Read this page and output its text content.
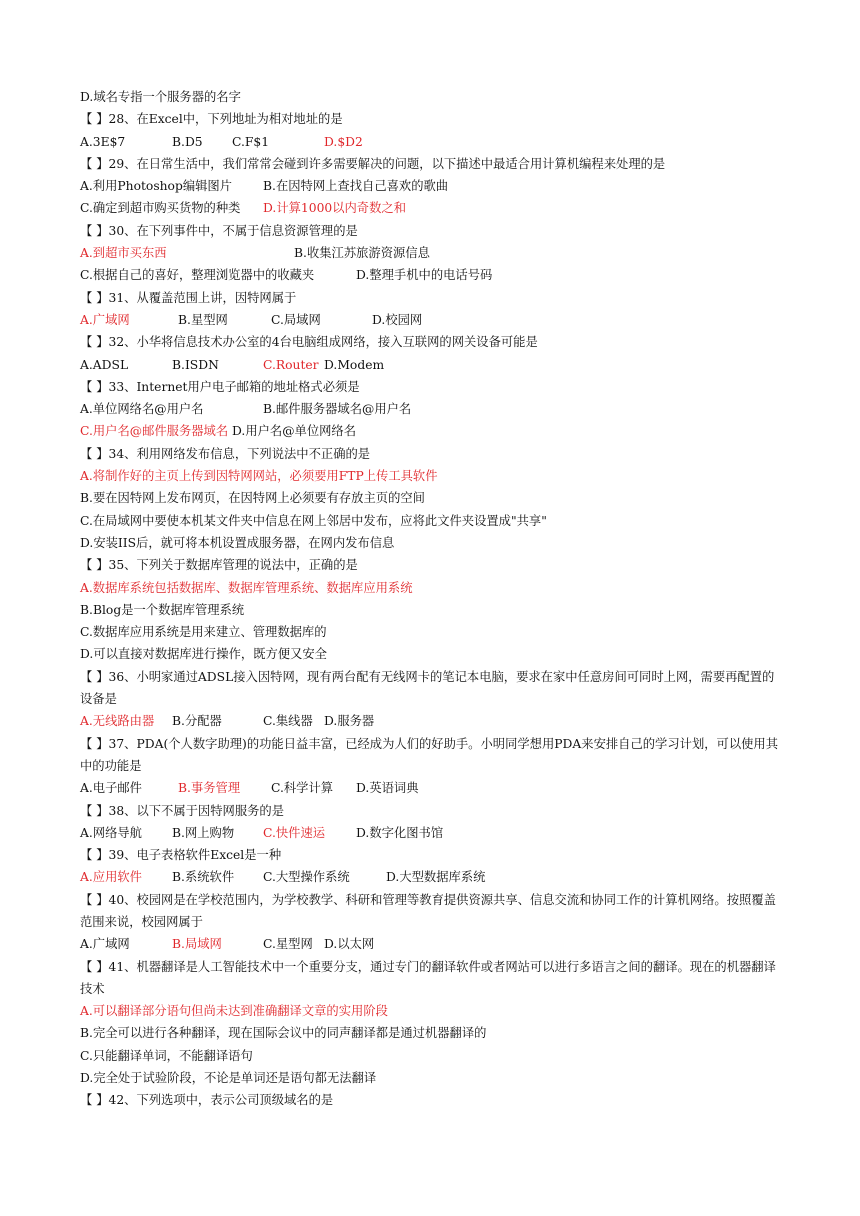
D.域名专指一个服务器的名字
【 】28、在Excel中，下列地址为相对地址的是
A.3E$7	B.D5 C.F$1	D.$D2
【 】29、在日常生活中，我们常常会碰到许多需要解决的问题，以下描述中最适合用计算机编程来处理的是
A.利用Photoshop编辑图片	B.在因特网上查找自己喜欢的歌曲
C.确定到超市购买货物的种类 D.计算1000以内奇数之和
【 】30、在下列事件中，不属于信息资源管理的是
A.到超市买东西	B.收集江苏旅游资源信息
C.根据自己的喜好，整理浏览器中的收藏夹	D.整理手机中的电话号码
【 】31、从覆盖范围上讲，因特网属于
A.广域网	B.星型网	C.局域网	D.校园网
【 】32、小华将信息技术办公室的4台电脑组成网络，接入互联网的网关设备可能是
A.ADSL	B.ISDN	C.Router D.Modem
【 】33、Internet用户电子邮箱的地址格式必须是
A.单位网络名@用户名	B.邮件服务器域名@用户名
C.用户名@邮件服务器域名 D.用户名@单位网络名
【 】34、利用网络发布信息，下列说法中不正确的是
A.将制作好的主页上传到因特网网站，必须要用FTP上传工具软件
B.要在因特网上发布网页，在因特网上必须要有存放主页的空间
C.在局域网中要使本机某文件夹中信息在网上邻居中发布，应将此文件夹设置成"共享"
D.安装IIS后，就可将本机设置成服务器，在网内发布信息
【 】35、下列关于数据库管理的说法中，正确的是
A.数据库系统包括数据库、数据库管理系统、数据库应用系统
B.Blog是一个数据库管理系统
C.数据库应用系统是用来建立、管理数据库的
D.可以直接对数据库进行操作，既方便又安全
【 】36、小明家通过ADSL接入因特网，现有两台配有无线网卡的笔记本电脑，要求在家中任意房间可同时上网，需要再配置的设备是
A.无线路由器 B.分配器	C.集线器 D.服务器
【 】37、PDA(个人数字助理)的功能日益丰富，已经成为人们的好助手。小明同学想用PDA来安排自己的学习计划，可以使用其中的功能是
A.电子邮件	B.事务管理	C.科学计算 D.英语词典
【 】38、以下不属于因特网服务的是
A.网络导航 B.网上购物 C.快件速运	D.数字化图书馆
【 】39、电子表格软件Excel是一种
A.应用软件 B.系统软件 C.大型操作系统	D.大型数据库系统
【 】40、校园网是在学校范围内，为学校教学、科研和管理等教育提供资源共享、信息交流和协同工作的计算机网络。按照覆盖范围来说，校园网属于
A.广域网	B.局域网	C.星型网 D.以太网
【 】41、机器翻译是人工智能技术中一个重要分支，通过专门的翻译软件或者网站可以进行多语言之间的翻译。现在的机器翻译技术
A.可以翻译部分语句但尚未达到准确翻译文章的实用阶段
B.完全可以进行各种翻译，现在国际会议中的同声翻译都是通过机器翻译的
C.只能翻译单词，不能翻译语句
D.完全处于试验阶段，不论是单词还是语句都无法翻译
【 】42、下列选项中，表示公司顶级域名的是
